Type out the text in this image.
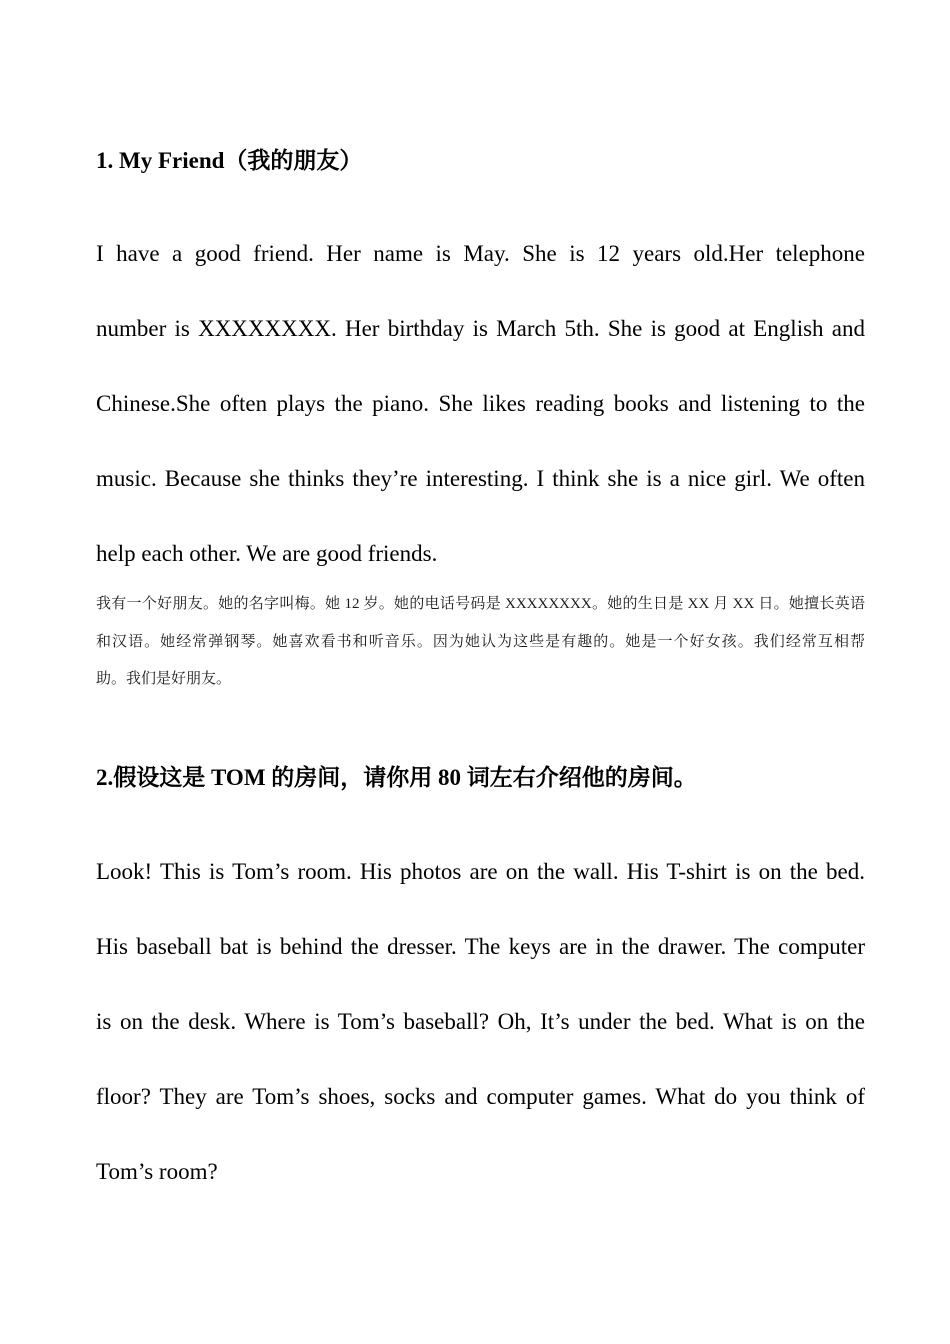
1. My Friend（我的朋友）
I have a good friend. Her name is May. She is 12 years old.Her telephone
number is XXXXXXXX. Her birthday is March 5th. She is good at English and
Chinese.She often plays the piano. She likes reading books and listening to the
music. Because she thinks they’re interesting. I think she is a nice girl. We often
help each other. We are good friends.
我有一个好朋友。她的名字叫梅。她 12 岁。她的电话号码是 XXXXXXXX。她的生日是 XX 月 XX 日。她擅长英语
和汉语。她经常弹钢琴。她喜欢看书和听音乐。因为她认为这些是有趣的。她是一个好女孩。我们经常互相帮
助。我们是好朋友。
2.假设这是 TOM 的房间，请你用 80 词左右介绍他的房间。
Look! This is Tom’s room. His photos are on the wall. His T-shirt is on the bed.
His baseball bat is behind the dresser. The keys are in the drawer. The computer
is on the desk. Where is Tom’s baseball? Oh, It’s under the bed. What is on the
floor? They are Tom’s shoes, socks and computer games. What do you think of
Tom’s room?
